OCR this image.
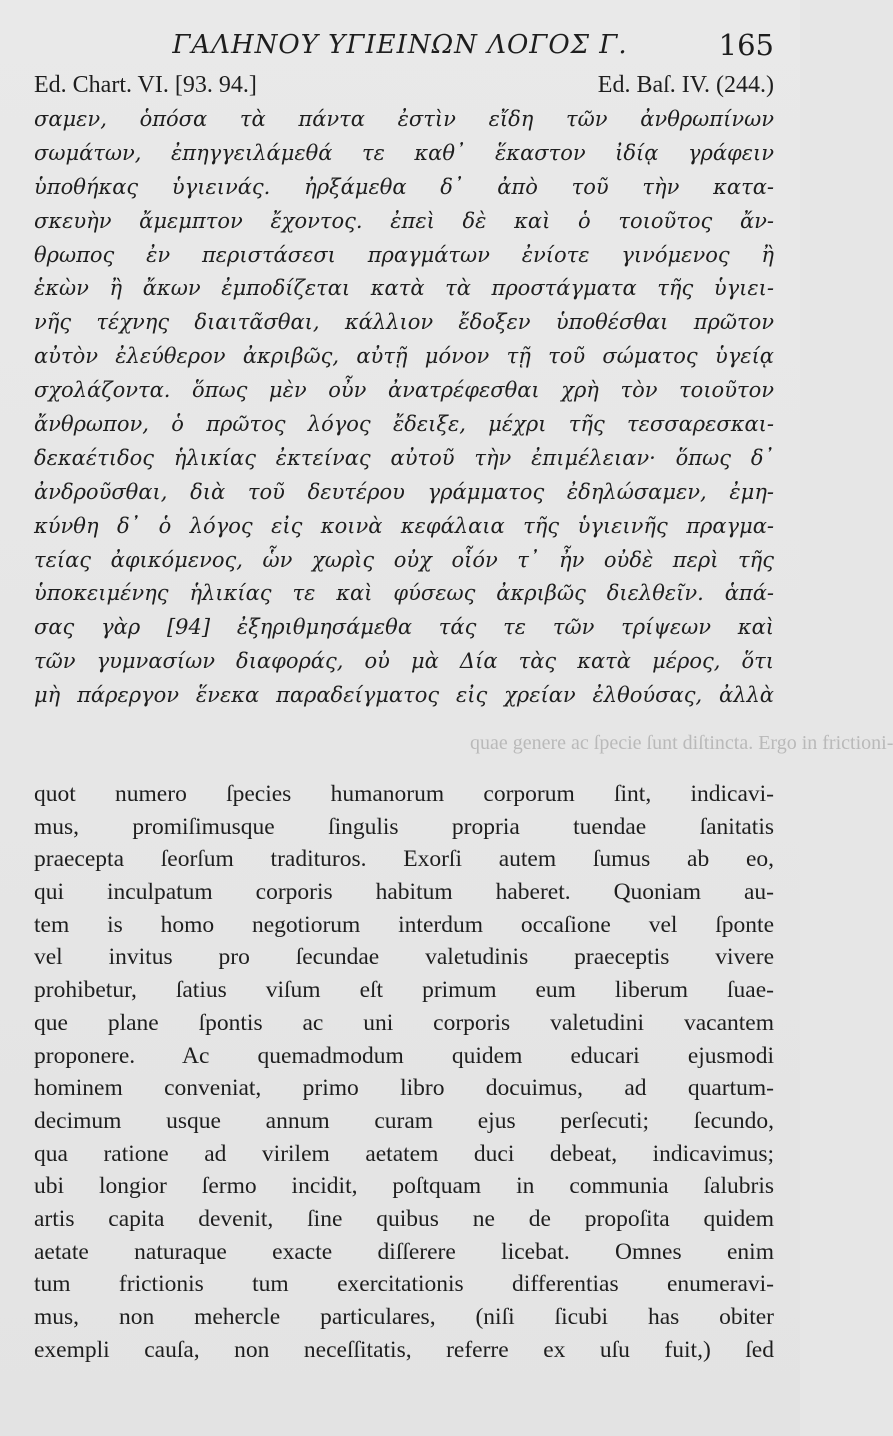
ΓΑΛΗΝΟΥ ΥΓΙΕΙΝΩΝ ΛΟΓΟΣ Γ.	165
Ed. Chart. VI. [93. 94.]	Ed. Baſ. IV. (244.)
σαμεν, ὁπόσα τὰ πάντα ἐστὶν εἴδη τῶν ἀνθρωπίνων
σωμάτων, ἐπηγγειλάμεθά τε καθ᾽ ἕκαστον ἰδίᾳ γράφειν
ὑποθήκας ὑγιεινάς. ἠρξάμεθα δ᾽ ἀπὸ τοῦ τὴν κατα-
σκευὴν ἄμεμπτον ἔχοντος. ἐπεὶ δὲ καὶ ὁ τοιοῦτος ἄν-
θρωπος ἐν περιστάσεσι πραγμάτων ἐνίοτε γινόμενος ἢ
ἑκὼν ἢ ἄκων ἐμποδίζεται κατὰ τὰ προστάγματα τῆς ὑγιει-
νῆς τέχνης διαιτᾶσθαι, κάλλιον ἔδοξεν ὑποθέσθαι πρῶτον
αὐτὸν ἐλεύθερον ἀκριβῶς, αὐτῇ μόνον τῇ τοῦ σώματος ὑγείᾳ
σχολάζοντα. ὅπως μὲν οὖν ἀνατρέφεσθαι χρὴ τὸν τοιοῦτον
ἄνθρωπον, ὁ πρῶτος λόγος ἔδειξε, μέχρι τῆς τεσσαρεσκαι-
δεκαέτιδος ἡλικίας ἐκτείνας αὐτοῦ τὴν ἐπιμέλειαν· ὅπως δ᾽
ἀνδροῦσθαι, διὰ τοῦ δευτέρου γράμματος ἐδηλώσαμεν, ἐμη-
κύνθη δ᾽ ὁ λόγος εἰς κοινὰ κεφάλαια τῆς ὑγιεινῆς πραγμα-
τείας ἀφικόμενος, ὧν χωρὶς οὐχ οἷόν τ᾽ ἦν οὐδὲ περὶ τῆς
ὑποκειμένης ἡλικίας τε καὶ φύσεως ἀκριβῶς διελθεῖν. ἁπά-
σας γὰρ [94] ἐξηριθμησάμεθα τάς τε τῶν τρίψεων καὶ
τῶν γυμνασίων διαφοράς, οὐ μὰ Δία τὰς κατὰ μέρος, ὅτι
μὴ πάρεργον ἕνεκα παραδείγματος εἰς χρείαν ἐλθούσας, ἀλλὰ
quae genere ac ſpecie ſunt diſtincta. Ergo in frictioni-
quot numero ſpecies humanorum corporum ſint, indicavi-
mus, promiſimusque ſingulis propria tuendae ſanitatis
praecepta ſeorſum tradituros. Exorſi autem ſumus ab eo,
qui inculpatum corporis habitum haberet. Quoniam au-
tem is homo negotiorum interdum occaſione vel ſponte
vel invitus pro ſecundae valetudinis praeceptis vivere
prohibetur, ſatius viſum eſt primum eum liberum ſuae-
que plane ſpontis ac uni corporis valetudini vacantem
proponere. Ac quemadmodum quidem educari ejusmodi
hominem conveniat, primo libro docuimus, ad quartum-
decimum usque annum curam ejus perſecuti; ſecundo,
qua ratione ad virilem aetatem duci debeat, indicavimus;
ubi longior ſermo incidit, poſtquam in communia ſalubris
artis capita devenit, ſine quibus ne de propoſita quidem
aetate naturaque exacte diſſerere licebat. Omnes enim
tum frictionis tum exercitationis differentias enumeravi-
mus, non mehercle particulares, (niſi ſicubi has obiter
exempli cauſa, non neceſſitatis, referre ex uſu fuit,) ſed
